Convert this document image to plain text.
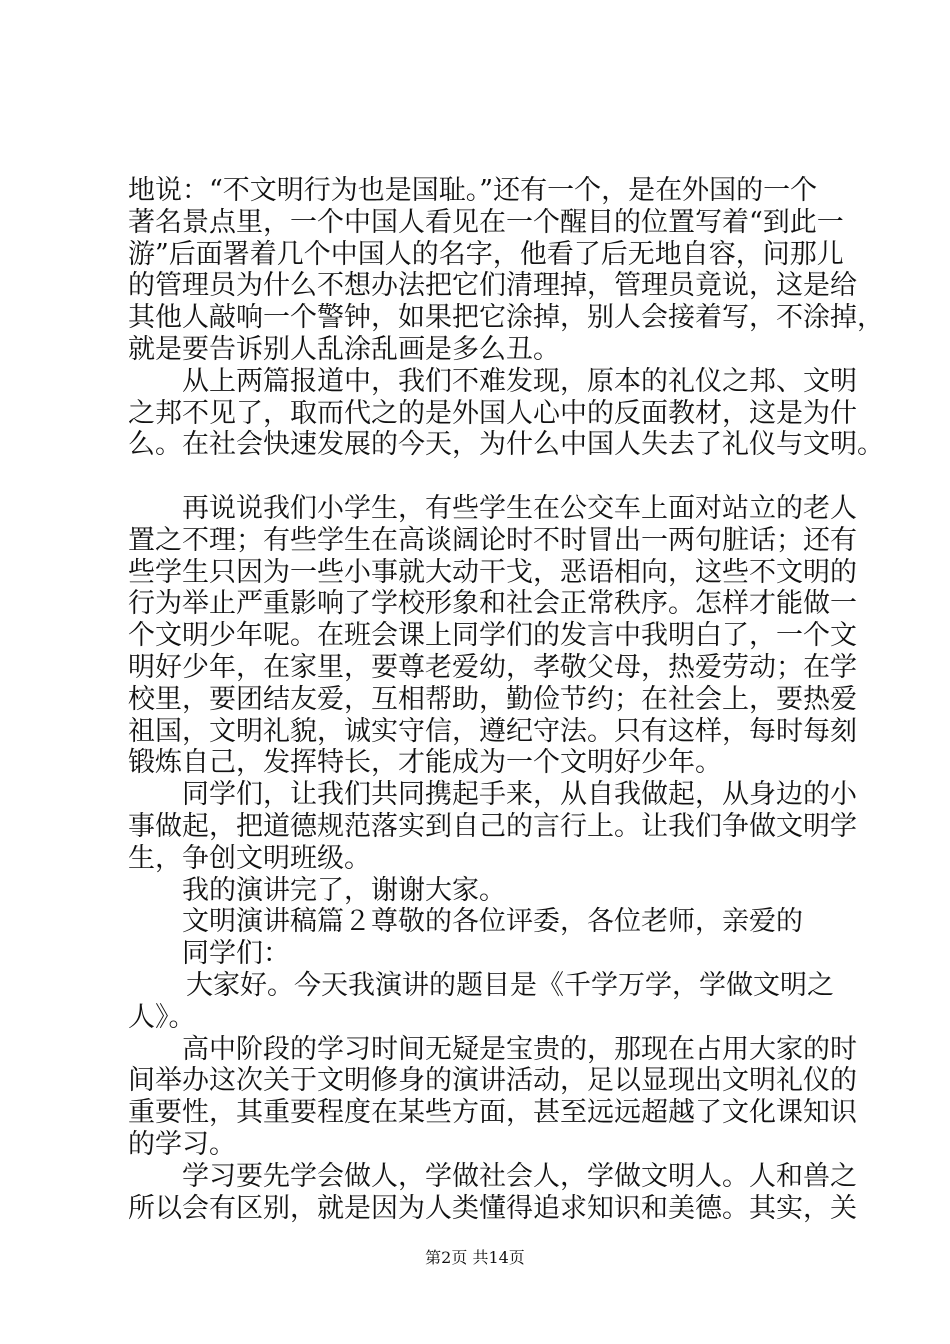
地说：“不文明行为也是国耻。”还有一个，是在外国的一个

著名景点里，一个中国人看见在一个醒目的位置写着“到此一

游”后面署着几个中国人的名字，他看了后无地自容，问那儿

的管理员为什么不想办法把它们清理掉，管理员竟说，这是给

其他人敲响一个警钟，如果把它涂掉，别人会接着写，不涂掉，

就是要告诉别人乱涂乱画是多么丑。

从上两篇报道中，我们不难发现，原本的礼仪之邦、文明

之邦不见了，取而代之的是外国人心中的反面教材，这是为什

么。在社会快速发展的今天，为什么中国人失去了礼仪与文明。

再说说我们小学生，有些学生在公交车上面对站立的老人

置之不理；有些学生在高谈阔论时不时冒出一两句脏话；还有

些学生只因为一些小事就大动干戈，恶语相向，这些不文明的

行为举止严重影响了学校形象和社会正常秩序。怎样才能做一

个文明少年呢。在班会课上同学们的发言中我明白了，一个文

明好少年，在家里，要尊老爱幼，孝敬父母，热爱劳动；在学

校里，要团结友爱，互相帮助，勤俭节约；在社会上，要热爱

祖国，文明礼貌，诚实守信，遵纪守法。只有这样，每时每刻

锻炼自己，发挥特长，才能成为一个文明好少年。

同学们，让我们共同携起手来，从自我做起，从身边的小

事做起，把道德规范落实到自己的言行上。让我们争做文明学

生，争创文明班级。

我的演讲完了，谢谢大家。

文明演讲稿篇２尊敬的各位评委，各位老师，亲爱的

同学们：

大家好。今天我演讲的题目是《千学万学，学做文明之

人》。

高中阶段的学习时间无疑是宝贵的，那现在占用大家的时

间举办这次关于文明修身的演讲活动，足以显现出文明礼仪的

重要性，其重要程度在某些方面，甚至远远超越了文化课知识

的学习。

学习要先学会做人，学做社会人，学做文明人。人和兽之

所以会有区别，就是因为人类懂得追求知识和美德。其实，关

第2页 共14页
